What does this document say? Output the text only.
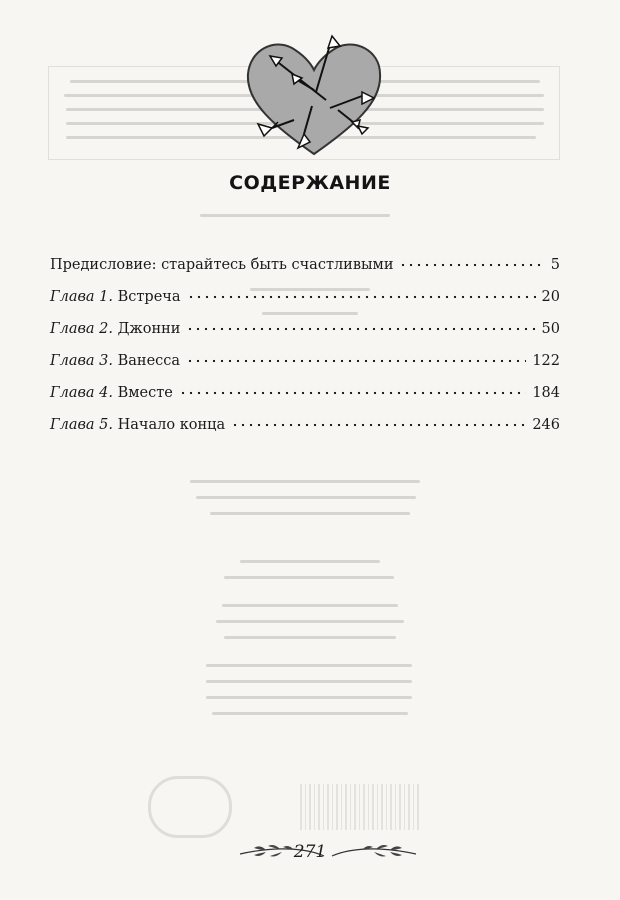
СОДЕРЖАНИЕ
Предисловие: старайтесь быть счастливыми	5
Глава 1. Встреча	20
Глава 2. Джонни	50
Глава 3. Ванесса	122
Глава 4. Вместе	184
Глава 5. Начало конца	246
271
